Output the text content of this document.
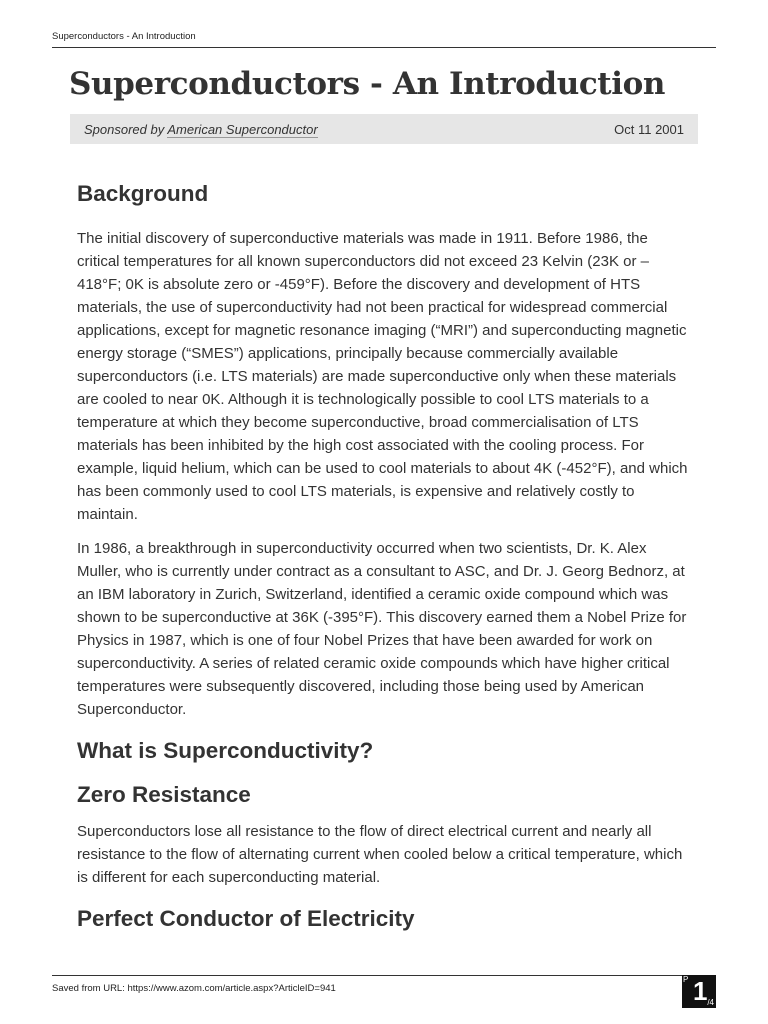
Superconductors - An Introduction
Superconductors - An Introduction
Sponsored by American Superconductor	Oct 11 2001
Background

The initial discovery of superconductive materials was made in 1911. Before 1986, the critical temperatures for all known superconductors did not exceed 23 Kelvin (23K or –418°F; 0K is absolute zero or -459°F). Before the discovery and development of HTS materials, the use of superconductivity had not been practical for widespread commercial applications, except for magnetic resonance imaging (“MRI”) and superconducting magnetic energy storage (“SMES”) applications, principally because commercially available superconductors (i.e. LTS materials) are made superconductive only when these materials are cooled to near 0K. Although it is technologically possible to cool LTS materials to a temperature at which they become superconductive, broad commercialisation of LTS materials has been inhibited by the high cost associated with the cooling process. For example, liquid helium, which can be used to cool materials to about 4K (-452°F), and which has been commonly used to cool LTS materials, is expensive and relatively costly to maintain.

In 1986, a breakthrough in superconductivity occurred when two scientists, Dr. K. Alex Muller, who is currently under contract as a consultant to ASC, and Dr. J. Georg Bednorz, at an IBM laboratory in Zurich, Switzerland, identified a ceramic oxide compound which was shown to be superconductive at 36K (-395°F). This discovery earned them a Nobel Prize for Physics in 1987, which is one of four Nobel Prizes that have been awarded for work on superconductivity. A series of related ceramic oxide compounds which have higher critical temperatures were subsequently discovered, including those being used by American Superconductor.

What is Superconductivity?
Zero Resistance

Superconductors lose all resistance to the flow of direct electrical current and nearly all resistance to the flow of alternating current when cooled below a critical temperature, which is different for each superconducting material.

Perfect Conductor of Electricity
Saved from URL: https://www.azom.com/article.aspx?ArticleID=941
P 1 /4
